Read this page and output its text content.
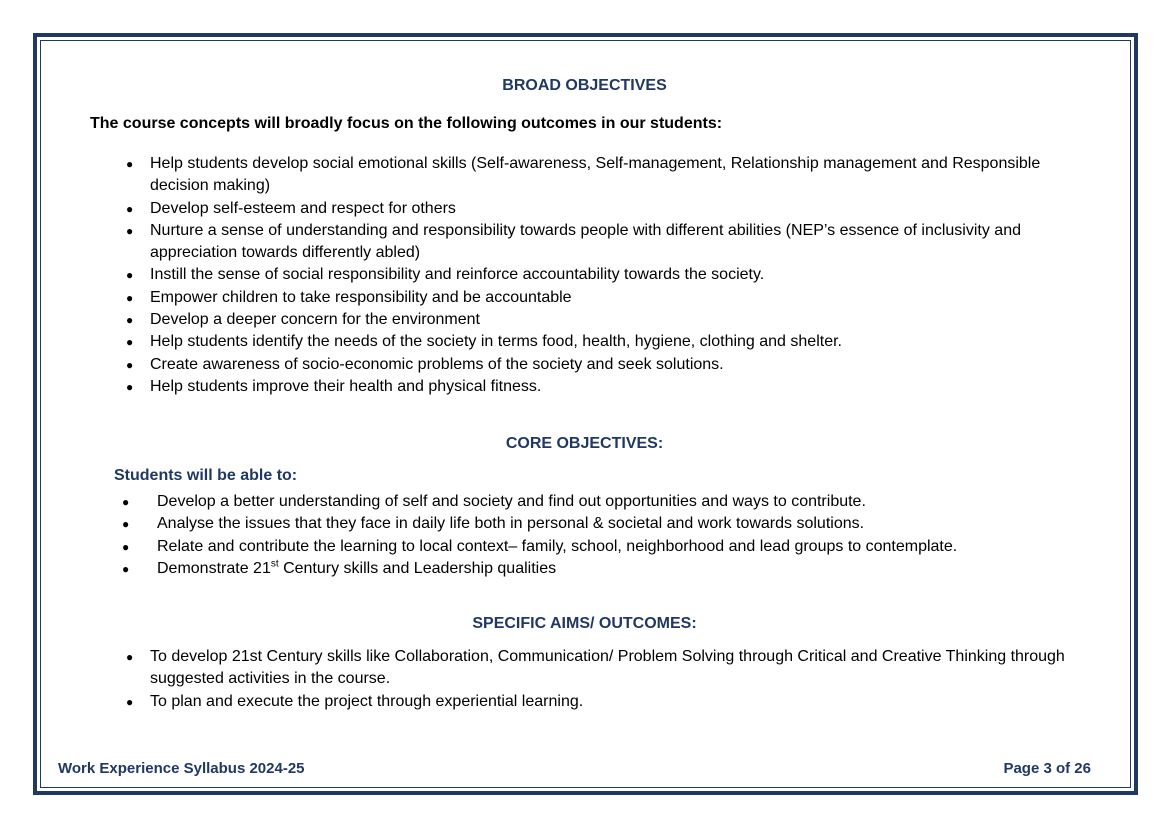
BROAD OBJECTIVES

The course concepts will broadly focus on the following outcomes in our students:

● Help students develop social emotional skills (Self-awareness, Self-management, Relationship management and Responsible decision making)
● Develop self-esteem and respect for others
● Nurture a sense of understanding and responsibility towards people with different abilities (NEP’s essence of inclusivity and appreciation towards differently abled)
● Instill the sense of social responsibility and reinforce accountability towards the society.
● Empower children to take responsibility and be accountable
● Develop a deeper concern for the environment
● Help students identify the needs of the society in terms food, health, hygiene, clothing and shelter.
● Create awareness of socio-economic problems of the society and seek solutions.
● Help students improve their health and physical fitness.
CORE OBJECTIVES:

Students will be able to:

● Develop a better understanding of self and society and find out opportunities and ways to contribute.
● Analyse the issues that they face in daily life both in personal & societal and work towards solutions.
● Relate and contribute the learning to local context– family, school, neighborhood and lead groups to contemplate.
● Demonstrate 21st Century skills and Leadership qualities
SPECIFIC AIMS/ OUTCOMES:
● To develop 21st Century skills like Collaboration, Communication/ Problem Solving through Critical and Creative Thinking through suggested activities in the course.
● To plan and execute the project through experiential learning.

Work Experience Syllabus 2024-25	Page 3 of 26
